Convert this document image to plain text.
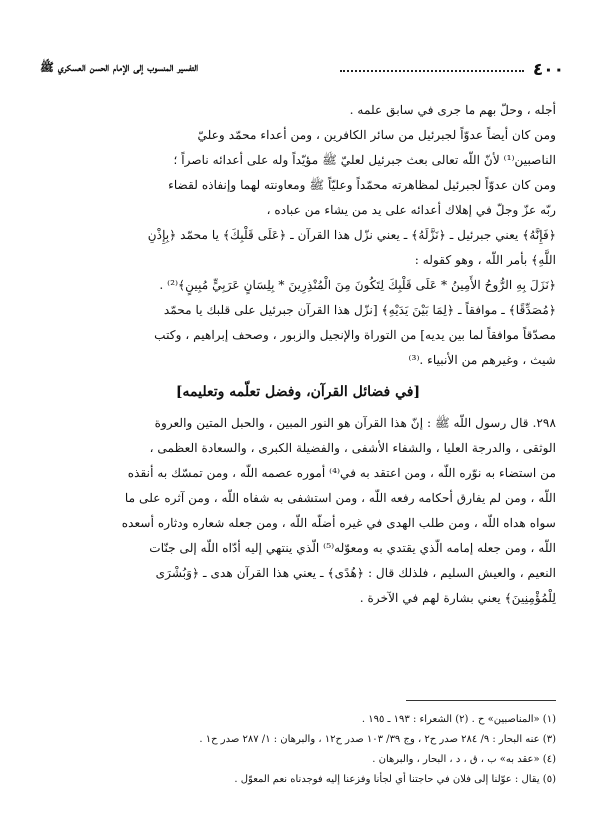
٤٠٠
التفسير المنسوب إلى الإمام الحسن العسكري ﷺ

أجله ، وحلّ بهم ما جرى في سابق علمه .

ومن كان أيضاً عدوّاً لجبرئيل من سائر الكافرين ، ومن أعداء محمّد وعليّ

الناصبين⁽¹⁾ لأنّ اللّه تعالى بعث جبرئيل لعليّ ﷺ مؤيّداً وله على أعدائه ناصراً ؛

ومن كان عدوّاً لجبرئيل لمظاهرته محمّداً وعليّاً ﷺ ومعاونته لهما وإنفاذه لقضاء

ربّه عزّ وجلّ في إهلاك أعدائه على يد من يشاء من عباده ،

﴿فَإِنَّهُ﴾ يعني جبرئيل ـ ﴿نَزَّلَهُ﴾ ـ يعني نزّل هذا القرآن ـ ﴿عَلَى قَلْبِكَ﴾ يا محمّد ﴿بِإِذْنِ

اللَّهِ﴾ بأمر اللّه ، وهو كقوله :

﴿نَزَلَ بِهِ الرُّوحُ الأَمِينُ * عَلَى قَلْبِكَ لِتَكُونَ مِنَ الْمُنْذِرِينَ * بِلِسَانٍ عَرَبِيٍّ مُبِينٍ﴾⁽²⁾ .

﴿مُصَدِّقًا﴾ ـ موافقاً ـ ﴿لِمَا بَيْنَ يَدَيْهِ﴾ [نزّل هذا القرآن جبرئيل على قلبك يا محمّد

مصدّقاً موافقاً لما بين يديه] من التوراة والإنجيل والزبور ، وصحف إبراهيم ، وكتب

شيث ، وغيرهم من الأنبياء .⁽³⁾

[في فضائل القرآن، وفضل تعلّمه وتعليمه]

٢٩٨. قال رسول اللّه ﷺ : إنّ هذا القرآن هو النور المبين ، والحبل المتين والعروة

الوثقى ، والدرجة العليا ، والشفاء الأشفى ، والفضيلة الكبرى ، والسعادة العظمى ،

من استضاء به نوّره اللّه ، ومن اعتقد به في⁽⁴⁾ أموره عصمه اللّه ، ومن تمسّك به أنقذه

اللّه ، ومن لم يفارق أحكامه رفعه اللّه ، ومن استشفى به شفاه اللّه ، ومن آثره على ما

سواه هداه اللّه ، ومن طلب الهدى في غيره أضلّه اللّه ، ومن جعله شعاره ودثاره أسعده

اللّه ، ومن جعله إمامه الّذي يقتدي به ومعوّله⁽⁵⁾ الّذي ينتهي إليه أدّاه اللّه إلى جنّات

النعيم ، والعيش السليم ، فلذلك قال : ﴿هُدًى﴾ ـ يعني هذا القرآن هدى ـ ﴿وَبُشْرَى

لِلْمُؤْمِنِينَ﴾ يعني بشارة لهم في الآخرة .

(١) «المناصبين» ح . (٢) الشعراء : ١٩٣ ـ ١٩٥ .

(٣) عنه البحار : ٩/ ٢٨٤ صدر ح٢ ، وج ٣٩/ ١٠٣ صدر ح١٢ ، والبرهان : ١/ ٢٨٧ صدر ح١ .

(٤) «عقد به» ب ، ق ، د ، البحار ، والبرهان .

(٥) يقال : عوّلنا إلى فلان في حاجتنا أي لجأنا وفزعنا إليه فوجدناه نعم المعوّل .
